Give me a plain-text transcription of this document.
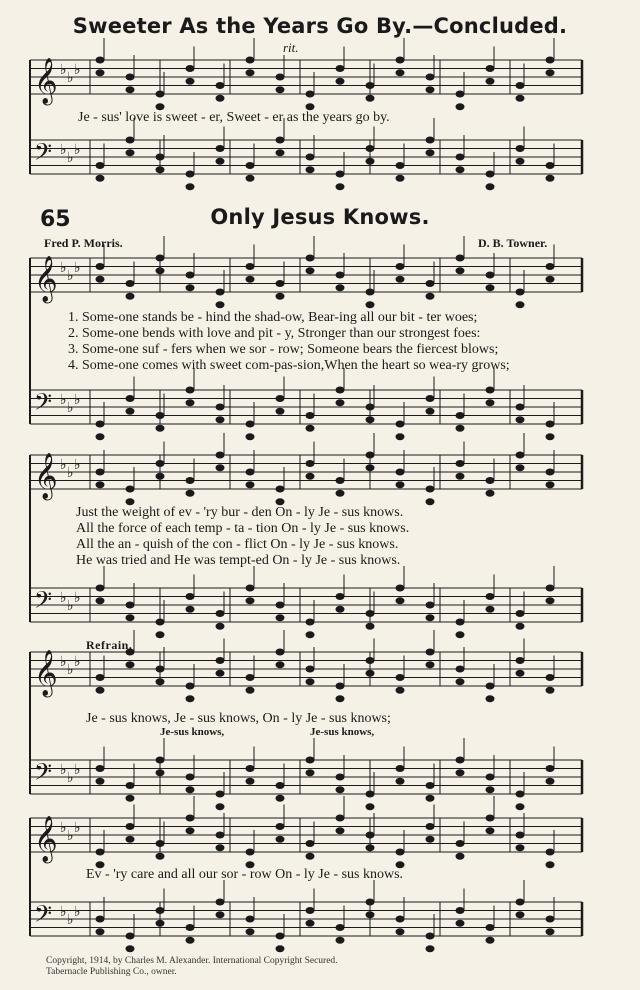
Sweeter As the Years Go By.—Concluded.
rit.
𝄞 ♭
♭
♭
𝄢 ♭
♭
♭
𝄞 ♭
♭
♭
𝄢 ♭
♭
♭
𝄞 ♭
♭
♭
𝄢 ♭
♭
♭
𝄞 ♭
♭
♭
𝄢 ♭
♭
♭
𝄞 ♭
♭
♭
𝄢 ♭
♭
♭
Je - sus' love is sweet - er, Sweet - er as the years go by.
65	Only Jesus Knows.
Fred P. Morris.	D. B. Towner.
1. Some-one stands be - hind the shad-ow, Bear-ing all our bit - ter woes;
2. Some-one bends with love and pit - y, Stronger than our strongest foes:
3. Some-one suf - fers when we sor - row; Someone bears the fiercest blows;
4. Some-one comes with sweet com-pas-sion,When the heart so wea-ry grows;
Just the weight of ev - 'ry bur - den On - ly Je - sus knows.
All the force of each temp - ta - tion On - ly Je - sus knows.
All the an - quish of the con - flict On - ly Je - sus knows.
He was tried and He was tempt-ed On - ly Je - sus knows.
Refrain.
Je - sus knows, Je - sus knows, On - ly Je - sus knows;
Je-sus knows,	Je-sus knows,
Ev - 'ry care and all our sor - row On - ly Je - sus knows.
Copyright, 1914, by Charles M. Alexander. International Copyright Secured.
Tabernacle Publishing Co., owner.
